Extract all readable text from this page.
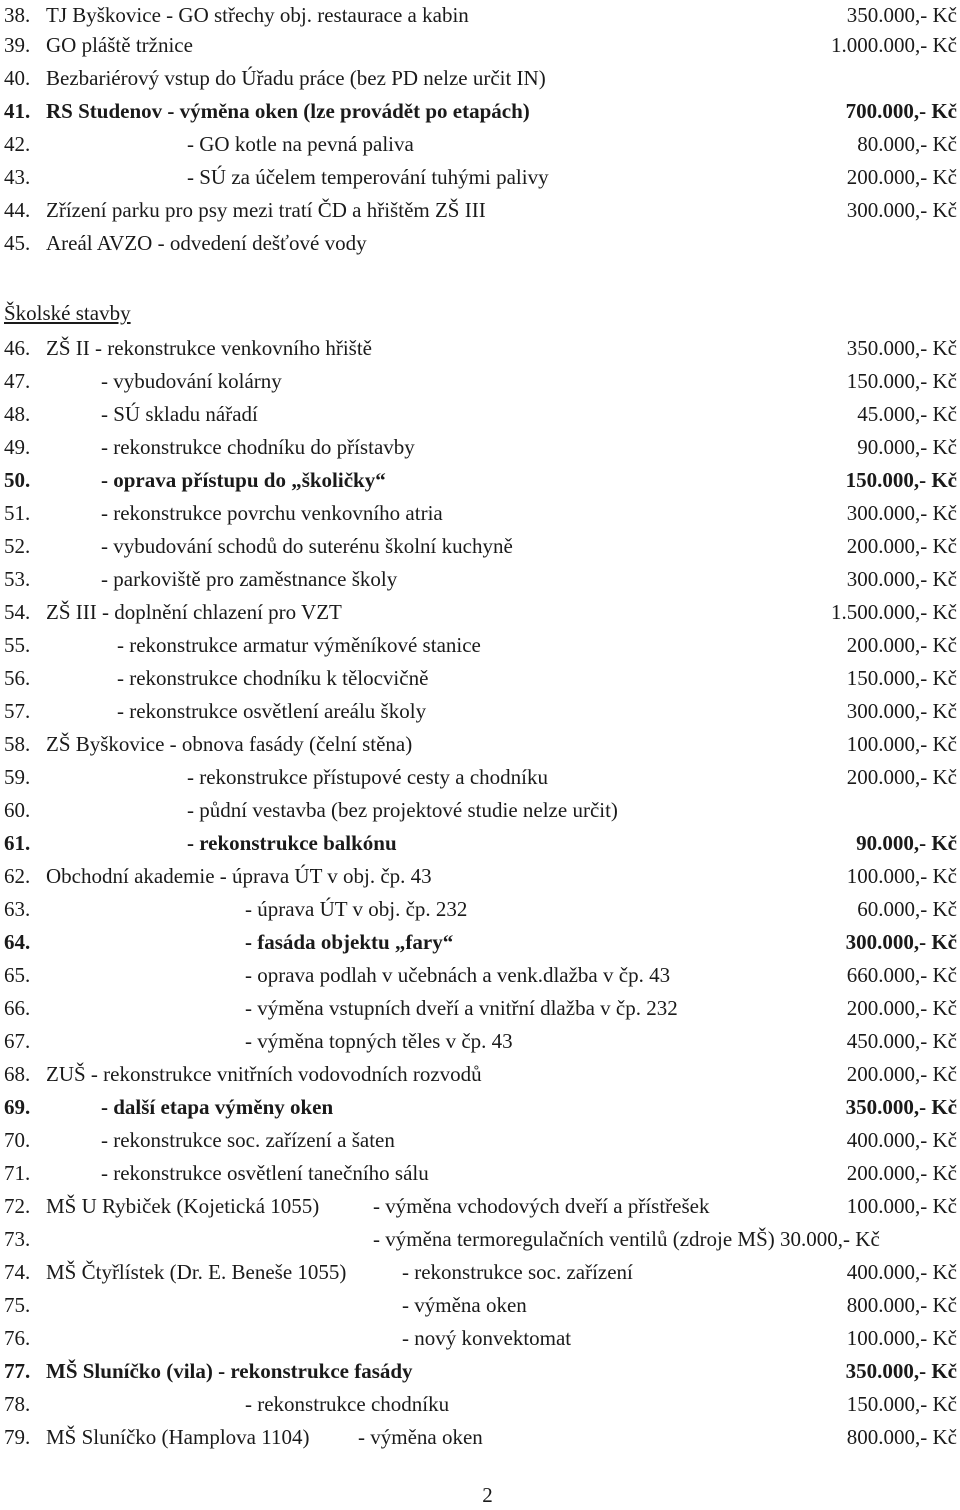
38. TJ Byškovice - GO střechy obj. restaurace a kabin	350.000,- Kč
39. GO pláště tržnice	1.000.000,- Kč
40. Bezbariérový vstup do Úřadu práce (bez PD nelze určit IN)
41. RS Studenov - výměna oken (lze provádět po etapách)	700.000,- Kč
42.	- GO kotle na pevná paliva	80.000,- Kč
43.	- SÚ za účelem temperování tuhými palivy	200.000,- Kč
44. Zřízení parku pro psy mezi tratí ČD a hřištěm ZŠ III	300.000,- Kč
45. Areál AVZO - odvedení dešťové vody
Školské stavby
46. ZŠ II - rekonstrukce venkovního hřiště	350.000,- Kč
47.	- vybudování kolárny	150.000,- Kč
48.	- SÚ skladu nářadí	45.000,- Kč
49.	- rekonstrukce chodníku do přístavby	90.000,- Kč
50.	- oprava přístupu do „školičky“	150.000,- Kč
51.	- rekonstrukce povrchu venkovního atria	300.000,- Kč
52.	- vybudování schodů do suterénu školní kuchyně	200.000,- Kč
53.	- parkoviště pro zaměstnance školy	300.000,- Kč
54. ZŠ III - doplnění chlazení pro VZT	1.500.000,- Kč
55.	- rekonstrukce armatur výměníkové stanice	200.000,- Kč
56.	- rekonstrukce chodníku k tělocvičně	150.000,- Kč
57.	- rekonstrukce osvětlení areálu školy	300.000,- Kč
58. ZŠ Byškovice - obnova fasády (čelní stěna)	100.000,- Kč
59.	- rekonstrukce přístupové cesty a chodníku	200.000,- Kč
60.	- půdní vestavba (bez projektové studie nelze určit)
61.	- rekonstrukce balkónu	90.000,- Kč
62. Obchodní akademie - úprava ÚT v obj. čp. 43	100.000,- Kč
63.	- úprava ÚT v obj. čp. 232	60.000,- Kč
64.	- fasáda objektu „fary“	300.000,- Kč
65.	- oprava podlah v učebnách a venk.dlažba v čp. 43	660.000,- Kč
66.	- výměna vstupních dveří a vnitřní dlažba v čp. 232	200.000,- Kč
67.	- výměna topných těles v čp. 43	450.000,- Kč
68. ZUŠ - rekonstrukce vnitřních vodovodních rozvodů	200.000,- Kč
69.	- další etapa výměny oken	350.000,- Kč
70.	- rekonstrukce soc. zařízení a šaten	400.000,- Kč
71.	- rekonstrukce osvětlení tanečního sálu	200.000,- Kč
72. MŠ U Rybiček (Kojetická 1055)	- výměna vchodových dveří a přístřešek	100.000,- Kč
73.	- výměna termoregulačních ventilů (zdroje MŠ) 30.000,- Kč
74. MŠ Čtyřlístek (Dr. E. Beneše 1055)	- rekonstrukce soc. zařízení	400.000,- Kč
75.	- výměna oken	800.000,- Kč
76.	- nový konvektomat	100.000,- Kč
77. MŠ Sluníčko (vila) - rekonstrukce fasády	350.000,- Kč
78.	- rekonstrukce chodníku	150.000,- Kč
79. MŠ Sluníčko (Hamplova 1104) - výměna oken	800.000,- Kč
2
